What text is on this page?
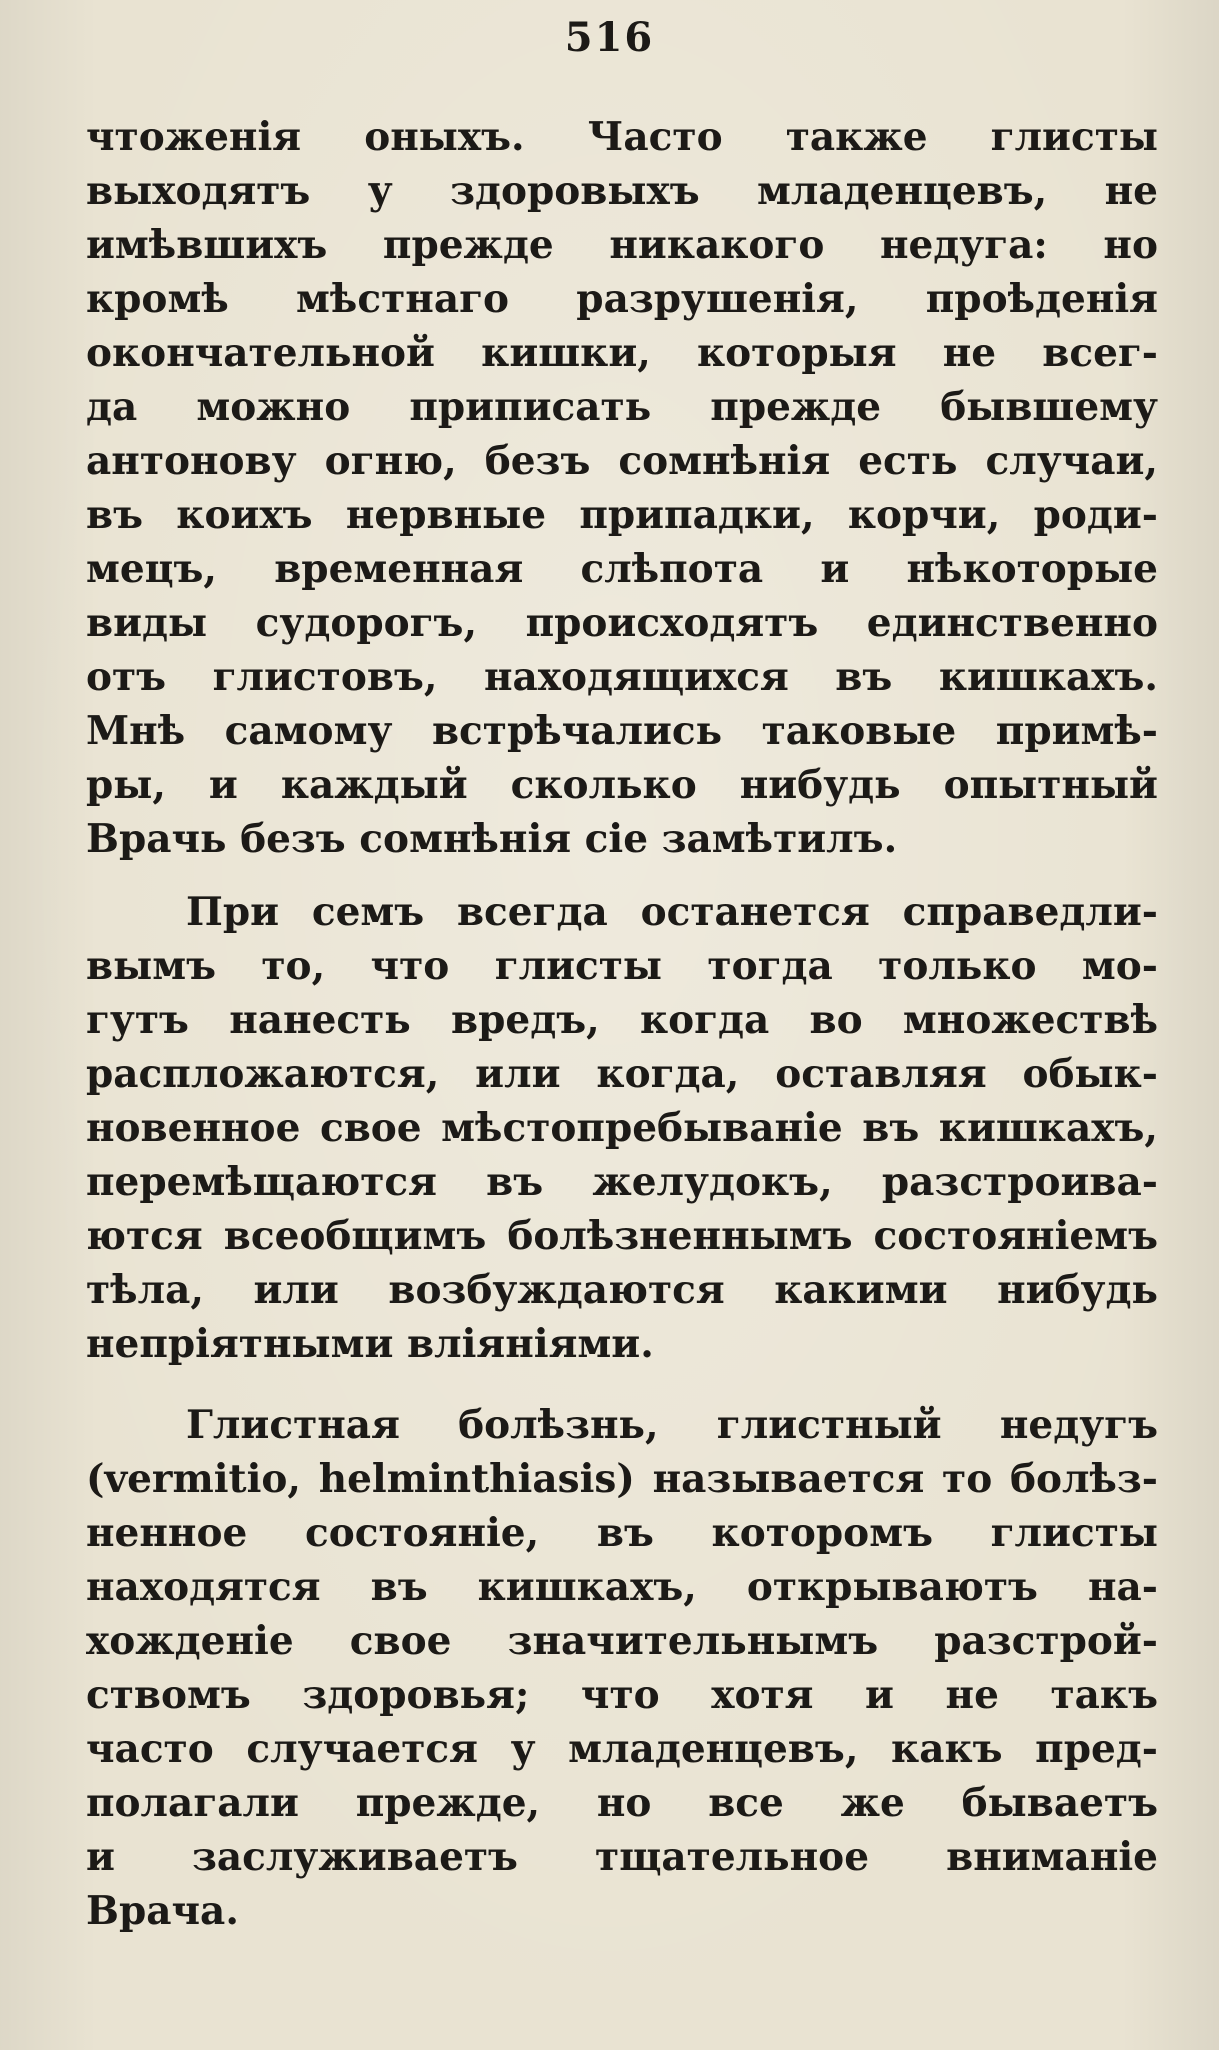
516
чтоженія оныхъ. Часто также глисты
выходятъ у здоровыхъ младенцевъ, не
имѣвшихъ прежде никакого недуга: но
кромѣ мѣстнаго разрушенія, проѣденія
окончательной кишки, которыя не всег-
да можно приписать прежде бывшему
антонову огню, безъ сомнѣнія есть случаи,
въ коихъ нервные припадки, корчи, роди-
мецъ, временная слѣпота и нѣкоторые
виды судорогъ, происходятъ единственно
отъ глистовъ, находящихся въ кишкахъ.
Мнѣ самому встрѣчались таковые примѣ-
ры, и каждый сколько нибудь опытный
Врачь безъ сомнѣнія сіе замѣтилъ.
При семъ всегда останется справедли-
вымъ то, что глисты тогда только мо-
гутъ нанесть вредъ, когда во множествѣ
распложаются, или когда, оставляя обык-
новенное свое мѣстопребываніе въ кишкахъ,
перемѣщаются въ желудокъ, разстроива-
ются всеобщимъ болѣзненнымъ состояніемъ
тѣла, или возбуждаются какими нибудь
непріятными вліяніями.
Глистная болѣзнь, глистный недугъ
(vermitio, helminthiasis) называется то болѣз-
ненное состояніе, въ которомъ глисты
находятся въ кишкахъ, открываютъ на-
хожденіе свое значительнымъ разстрой-
ствомъ здоровья; что хотя и не такъ
часто случается у младенцевъ, какъ пред-
полагали прежде, но все же бываетъ
и заслуживаетъ тщательное вниманіе
Врача.
